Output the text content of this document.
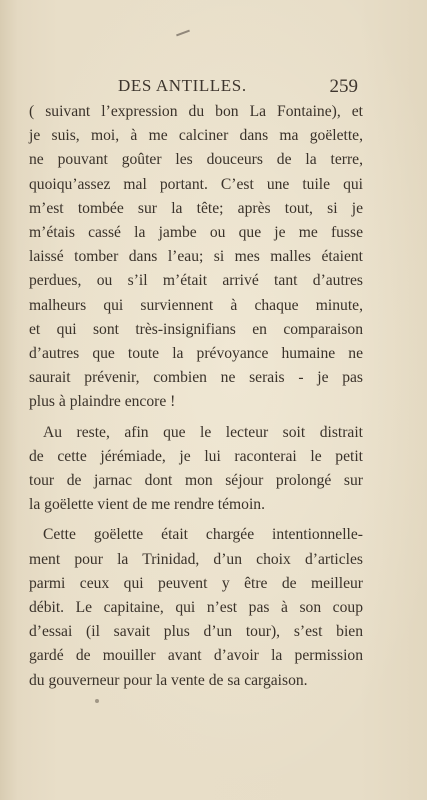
DES ANTILLES.	259

( suivant l’expression du bon La Fontaine), et
je suis, moi, à me calciner dans ma goëlette,
ne pouvant goûter les douceurs de la terre,
quoiqu’assez mal portant. C’est une tuile qui
m’est tombée sur la tête; après tout, si je
m’étais cassé la jambe ou que je me fusse
laissé tomber dans l’eau; si mes malles étaient
perdues, ou s’il m’était arrivé tant d’autres
malheurs qui surviennent à chaque minute,
et qui sont très-insignifians en comparaison
d’autres que toute la prévoyance humaine ne
saurait prévenir, combien ne serais - je pas
plus à plaindre encore !

Au reste, afin que le lecteur soit distrait
de cette jérémiade, je lui raconterai le petit
tour de jarnac dont mon séjour prolongé sur
la goëlette vient de me rendre témoin.

Cette goëlette était chargée intentionnelle-
ment pour la Trinidad, d’un choix d’articles
parmi ceux qui peuvent y être de meilleur
débit. Le capitaine, qui n’est pas à son coup
d’essai (il savait plus d’un tour), s’est bien
gardé de mouiller avant d’avoir la permission
du gouverneur pour la vente de sa cargaison.
